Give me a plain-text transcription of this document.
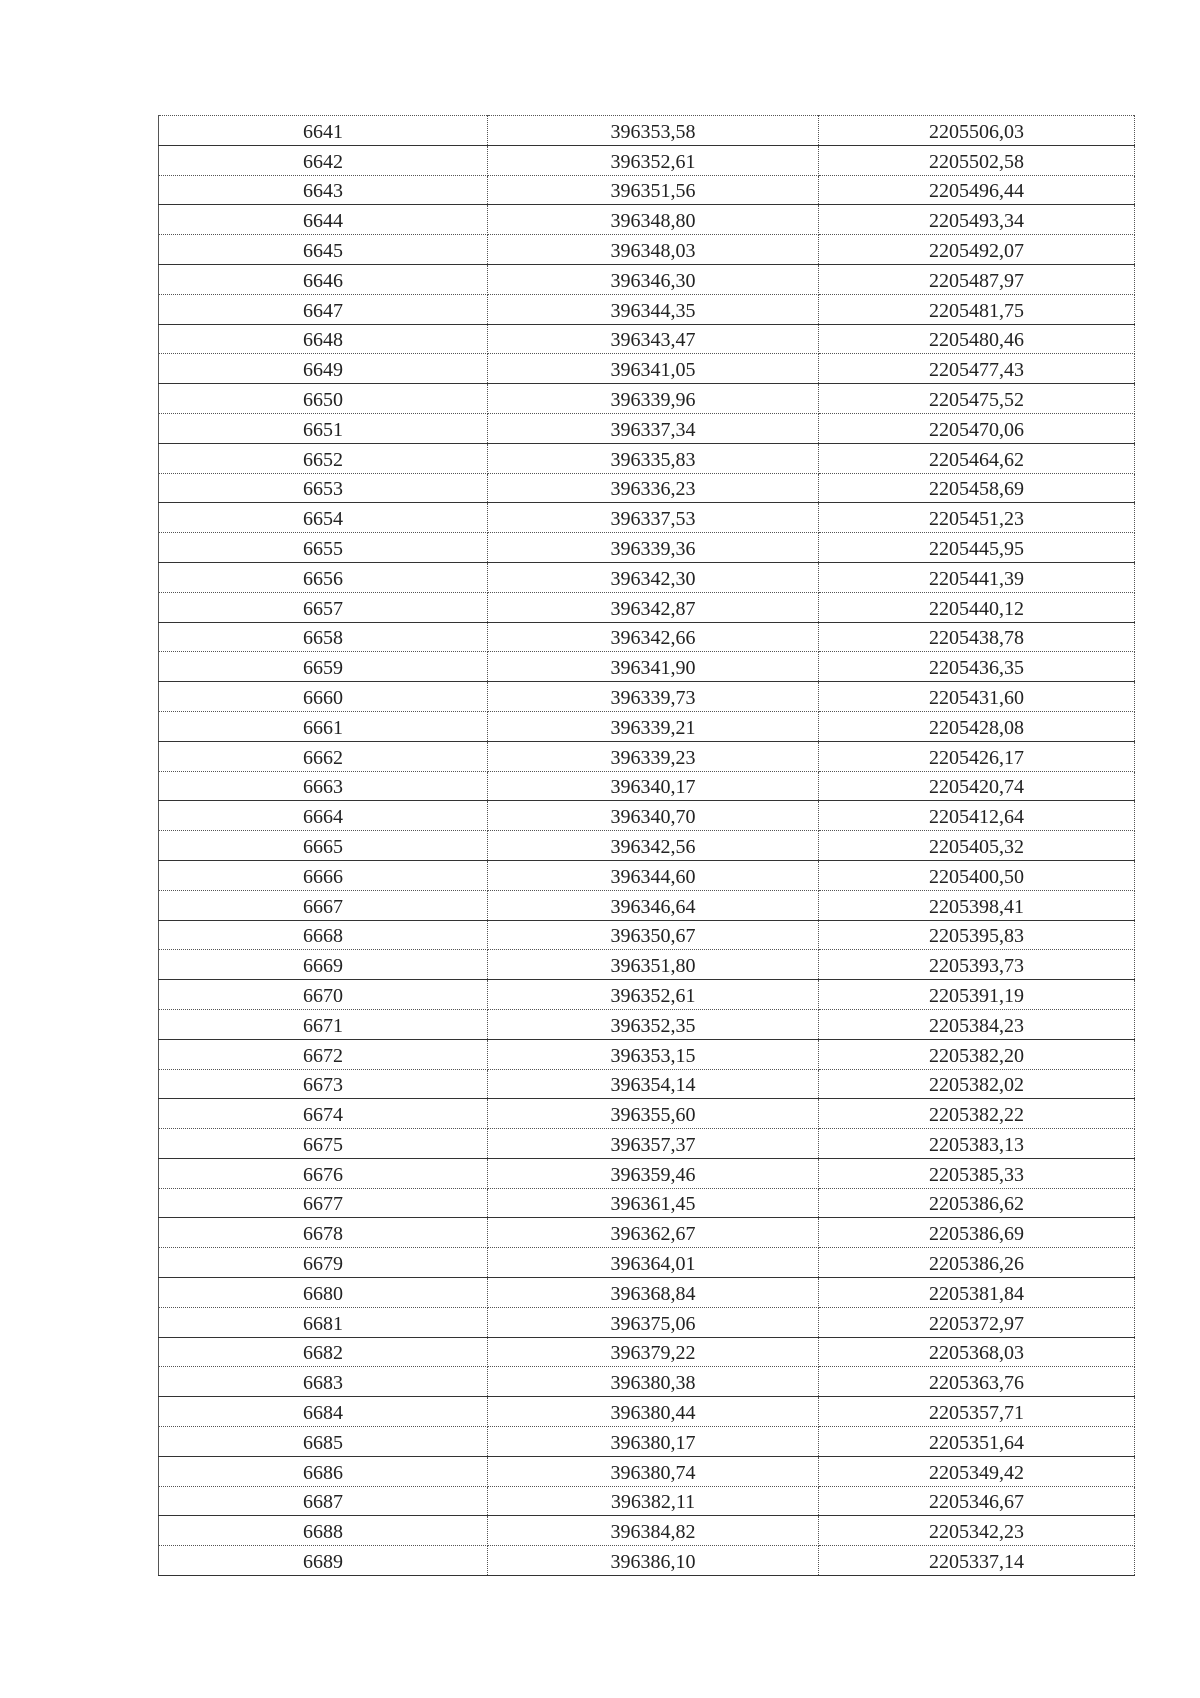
6641	396353,58	2205506,03
6642	396352,61	2205502,58
6643	396351,56	2205496,44
6644	396348,80	2205493,34
6645	396348,03	2205492,07
6646	396346,30	2205487,97
6647	396344,35	2205481,75
6648	396343,47	2205480,46
6649	396341,05	2205477,43
6650	396339,96	2205475,52
6651	396337,34	2205470,06
6652	396335,83	2205464,62
6653	396336,23	2205458,69
6654	396337,53	2205451,23
6655	396339,36	2205445,95
6656	396342,30	2205441,39
6657	396342,87	2205440,12
6658	396342,66	2205438,78
6659	396341,90	2205436,35
6660	396339,73	2205431,60
6661	396339,21	2205428,08
6662	396339,23	2205426,17
6663	396340,17	2205420,74
6664	396340,70	2205412,64
6665	396342,56	2205405,32
6666	396344,60	2205400,50
6667	396346,64	2205398,41
6668	396350,67	2205395,83
6669	396351,80	2205393,73
6670	396352,61	2205391,19
6671	396352,35	2205384,23
6672	396353,15	2205382,20
6673	396354,14	2205382,02
6674	396355,60	2205382,22
6675	396357,37	2205383,13
6676	396359,46	2205385,33
6677	396361,45	2205386,62
6678	396362,67	2205386,69
6679	396364,01	2205386,26
6680	396368,84	2205381,84
6681	396375,06	2205372,97
6682	396379,22	2205368,03
6683	396380,38	2205363,76
6684	396380,44	2205357,71
6685	396380,17	2205351,64
6686	396380,74	2205349,42
6687	396382,11	2205346,67
6688	396384,82	2205342,23
6689	396386,10	2205337,14
